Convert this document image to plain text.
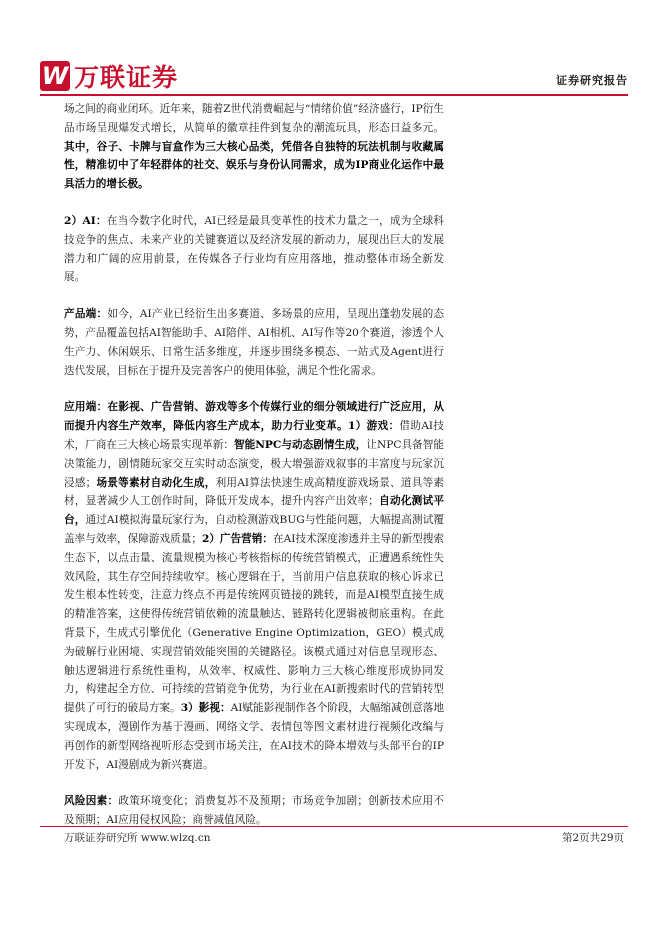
W 万联证券	证券研究报告

场之间的商业闭环。近年来，随着Z世代消费崛起与“情绪价值”经济盛行，IP衍生品市场呈现爆发式增长，从简单的徽章挂件到复杂的潮流玩具，形态日益多元。其中，谷子、卡牌与盲盒作为三大核心品类，凭借各自独特的玩法机制与收藏属性，精准切中了年轻群体的社交、娱乐与身份认同需求，成为IP商业化运作中最具活力的增长极。

2）AI：在当今数字化时代，AI已经是最具变革性的技术力量之一，成为全球科技竞争的焦点、未来产业的关键赛道以及经济发展的新动力，展现出巨大的发展潜力和广阔的应用前景，在传媒各子行业均有应用落地，推动整体市场全新发展。

产品端：如今，AI产业已经衍生出多赛道、多场景的应用，呈现出蓬勃发展的态势，产品覆盖包括AI智能助手、AI陪伴、AI相机、AI写作等20个赛道，渗透个人生产力、休闲娱乐、日常生活多维度，并逐步围绕多模态、一站式及Agent进行迭代发展，目标在于提升及完善客户的使用体验，满足个性化需求。

应用端：在影视、广告营销、游戏等多个传媒行业的细分领域进行广泛应用，从而提升内容生产效率，降低内容生产成本，助力行业变革。1）游戏：借助AI技术，厂商在三大核心场景实现革新：智能NPC与动态剧情生成，让NPC具备智能决策能力，剧情随玩家交互实时动态演变，极大增强游戏叙事的丰富度与玩家沉浸感；场景等素材自动化生成，利用AI算法快速生成高精度游戏场景、道具等素材，显著减少人工创作时间，降低开发成本，提升内容产出效率；自动化测试平台，通过AI模拟海量玩家行为，自动检测游戏BUG与性能问题，大幅提高测试覆盖率与效率，保障游戏质量；2）广告营销：在AI技术深度渗透并主导的新型搜索生态下，以点击量、流量规模为核心考核指标的传统营销模式，正遭遇系统性失效风险，其生存空间持续收窄。核心逻辑在于，当前用户信息获取的核心诉求已发生根本性转变，注意力终点不再是传统网页链接的跳转，而是AI模型直接生成的精准答案，这使得传统营销依赖的流量触达、链路转化逻辑被彻底重构。在此背景下，生成式引擎优化（Generative Engine Optimization，GEO）模式成为破解行业困境、实现营销效能突围的关键路径。该模式通过对信息呈现形态、触达逻辑进行系统性重构，从效率、权威性、影响力三大核心维度形成协同发力，构建起全方位、可持续的营销竞争优势，为行业在AI新搜索时代的营销转型提供了可行的破局方案。3）影视：AI赋能影视制作各个阶段，大幅缩减创意落地实现成本，漫剧作为基于漫画、网络文学、表情包等图文素材进行视频化改编与再创作的新型网络视听形态受到市场关注，在AI技术的降本增效与头部平台的IP开发下，AI漫剧成为新兴赛道。

风险因素：政策环境变化；消费复苏不及预期；市场竞争加剧；创新技术应用不及预期；AI应用侵权风险；商誉减值风险。

万联证券研究所 www.wlzq.cn	第2页共29页
